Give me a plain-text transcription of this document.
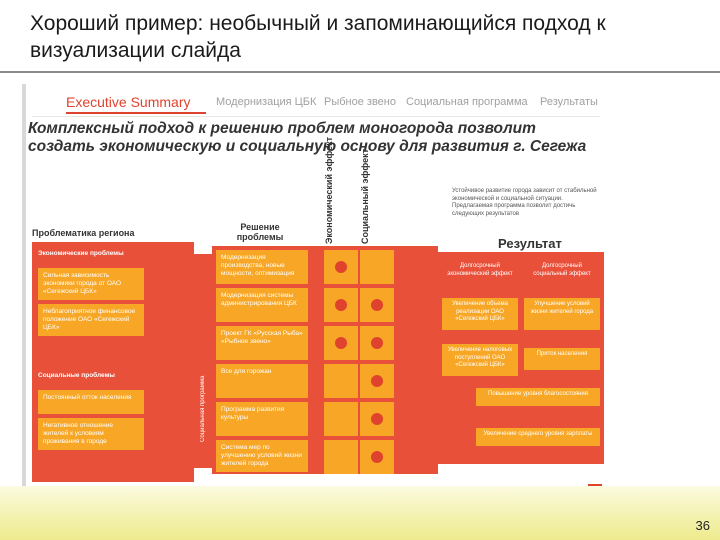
Хороший пример: необычный и запоминающийся подход к визуализации слайда
Executive Summary Модернизация ЦБК Рыбное звено Социальная программа Результаты
Комплексный подход к решению проблем моногорода позволит создать экономическую и социальную основу для развития г. Сегежа
Проблематика региона
Решение проблемы	Экономический эффект	Социальный эффект	Устойчивое развитие города зависит от стабильной экономической и социальной ситуации. Предлагаемая программа позволит достичь следующих результатов
Результат
Экономические проблемы
Сильная зависимость экономики города от ОАО «Сегежский ЦБК»
Неблагоприятное финансовое положение ОАО «Сегежский ЦБК»
Социальные проблемы
Постоянный отток населения
Негативное отношение жителей к условиям проживания в городе	Социальная программа
Модернизация производства, новые мощности, оптимизация
Модернизация системы администрирования ЦБК
Проект ГК «Русская Рыба» «Рыбное звено»
Все для горожан
Программа развития культуры
Система мер по улучшению условий жизни жителей города
Долгосрочный экономический эффект
Долгосрочный социальный эффект
Увеличение объема реализации ОАО «Сегежский ЦБК»
Улучшение условий жизни жителей города
Увеличение налоговых поступлений ОАО «Сегежский ЦБК»
Приток населения
Повышение уровня благосостояния
Увеличение среднего уровня зарплаты
36
